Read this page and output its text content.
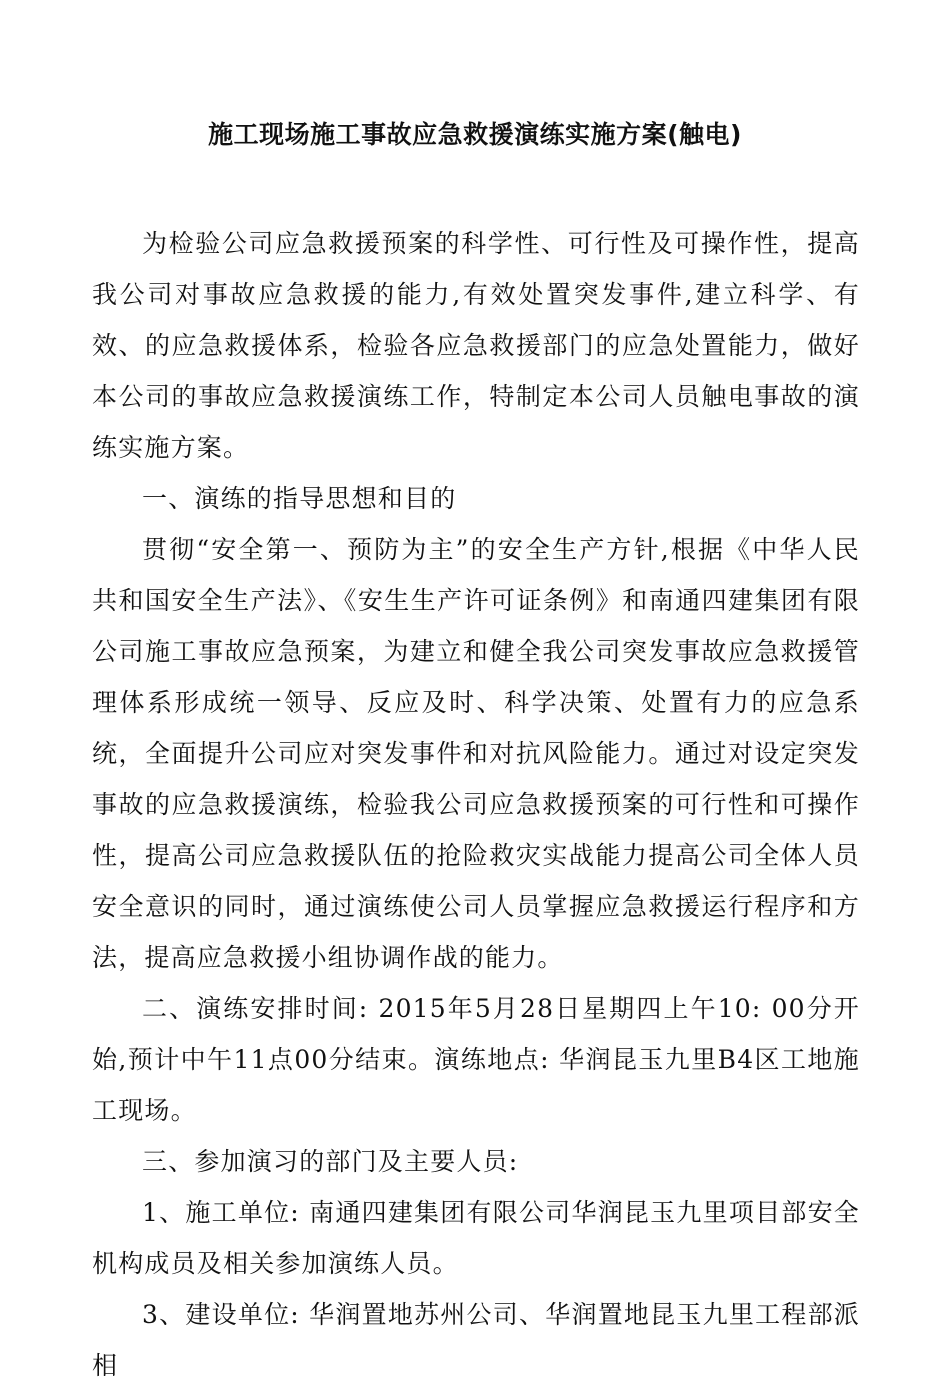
施工现场施工事故应急救援演练实施方案(触电)

为检验公司应急救援预案的科学性、可行性及可操作性，提高我公司对事故应急救援的能力,有效处置突发事件,建立科学、有效、的应急救援体系，检验各应急救援部门的应急处置能力，做好本公司的事故应急救援演练工作，特制定本公司人员触电事故的演练实施方案。

一、演练的指导思想和目的

贯彻“安全第一、预防为主”的安全生产方针,根据《中华人民共和国安全生产法》、《安生生产许可证条例》和南通四建集团有限公司施工事故应急预案，为建立和健全我公司突发事故应急救援管理体系形成统一领导、反应及时、科学决策、处置有力的应急系统，全面提升公司应对突发事件和对抗风险能力。通过对设定突发事故的应急救援演练，检验我公司应急救援预案的可行性和可操作性，提高公司应急救援队伍的抢险救灾实战能力提高公司全体人员安全意识的同时，通过演练使公司人员掌握应急救援运行程序和方法，提高应急救援小组协调作战的能力。

二、演练安排时间: 2015年5月28日星期四上午10: 00分开始,预计中午11点00分结束。演练地点: 华润昆玉九里B4区工地施工现场。

三、参加演习的部门及主要人员:

1、施工单位: 南通四建集团有限公司华润昆玉九里项目部安全机构成员及相关参加演练人员。

3、建设单位: 华润置地苏州公司、华润置地昆玉九里工程部派相
